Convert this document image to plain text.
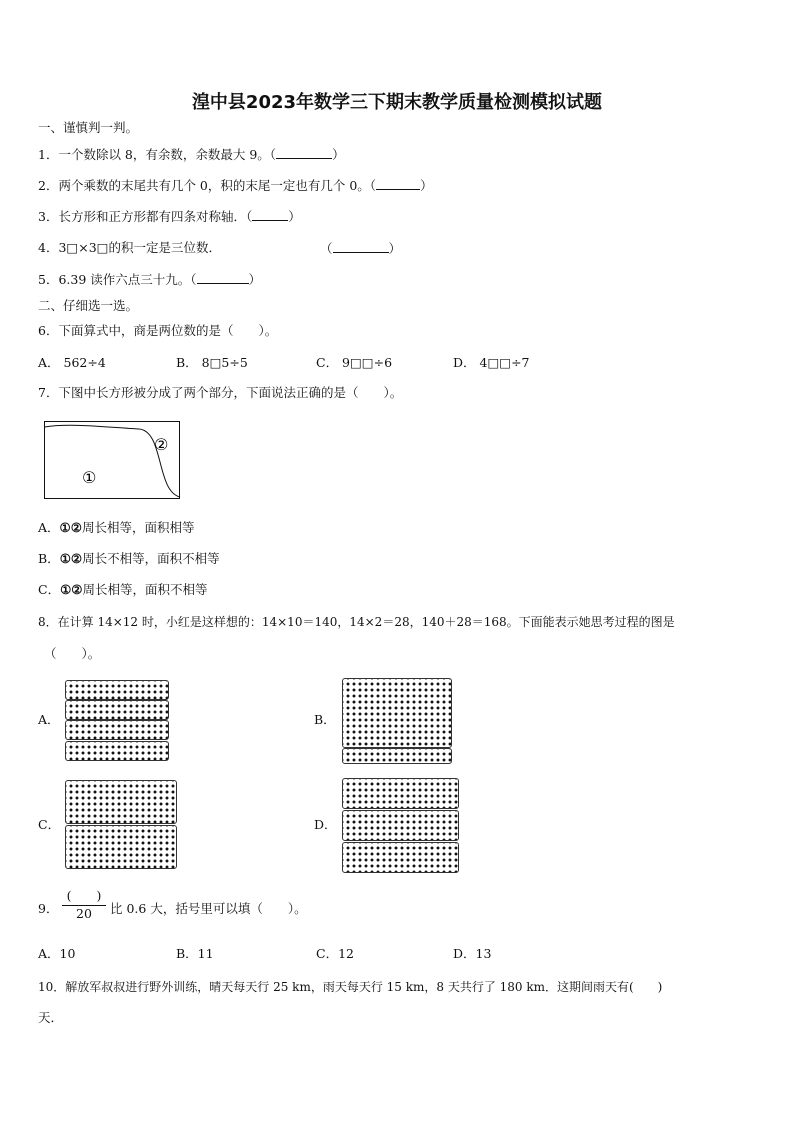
湟中县2023年数学三下期末教学质量检测模拟试题
一、谨慎判一判。
1．一个数除以 8，有余数，余数最大 9。（	）
2．两个乘数的末尾共有几个 0，积的末尾一定也有几个 0。（	）
3．长方形和正方形都有四条对称轴．（	）
4．3□×3□的积一定是三位数．	（	）
5．6.39 读作六点三十九。（	）
二、仔细选一选。
6．下面算式中，商是两位数的是（　　）。
A． 562÷4	B． 8□5÷5	C． 9□□÷6	D． 4□□÷7
7．下图中长方形被分成了两个部分，下面说法正确的是（　　）。
①
②
A．①②周长相等，面积相等
B．①②周长不相等，面积不相等
C．①②周长相等，面积不相等
8．在计算 14×12 时，小红是这样想的：14×10＝140，14×2＝28，140＋28＝168。下面能表示她思考过程的图是
（　　）。
A．	B．
C．	D．
9．
(　　)
20	比 0.6 大，括号里可以填（　　）。
A．10	B．11	C．12	D．13
10．解放军叔叔进行野外训练，晴天每天行 25 km，雨天每天行 15 km，8 天共行了 180 km．这期间雨天有(　　)
天．
